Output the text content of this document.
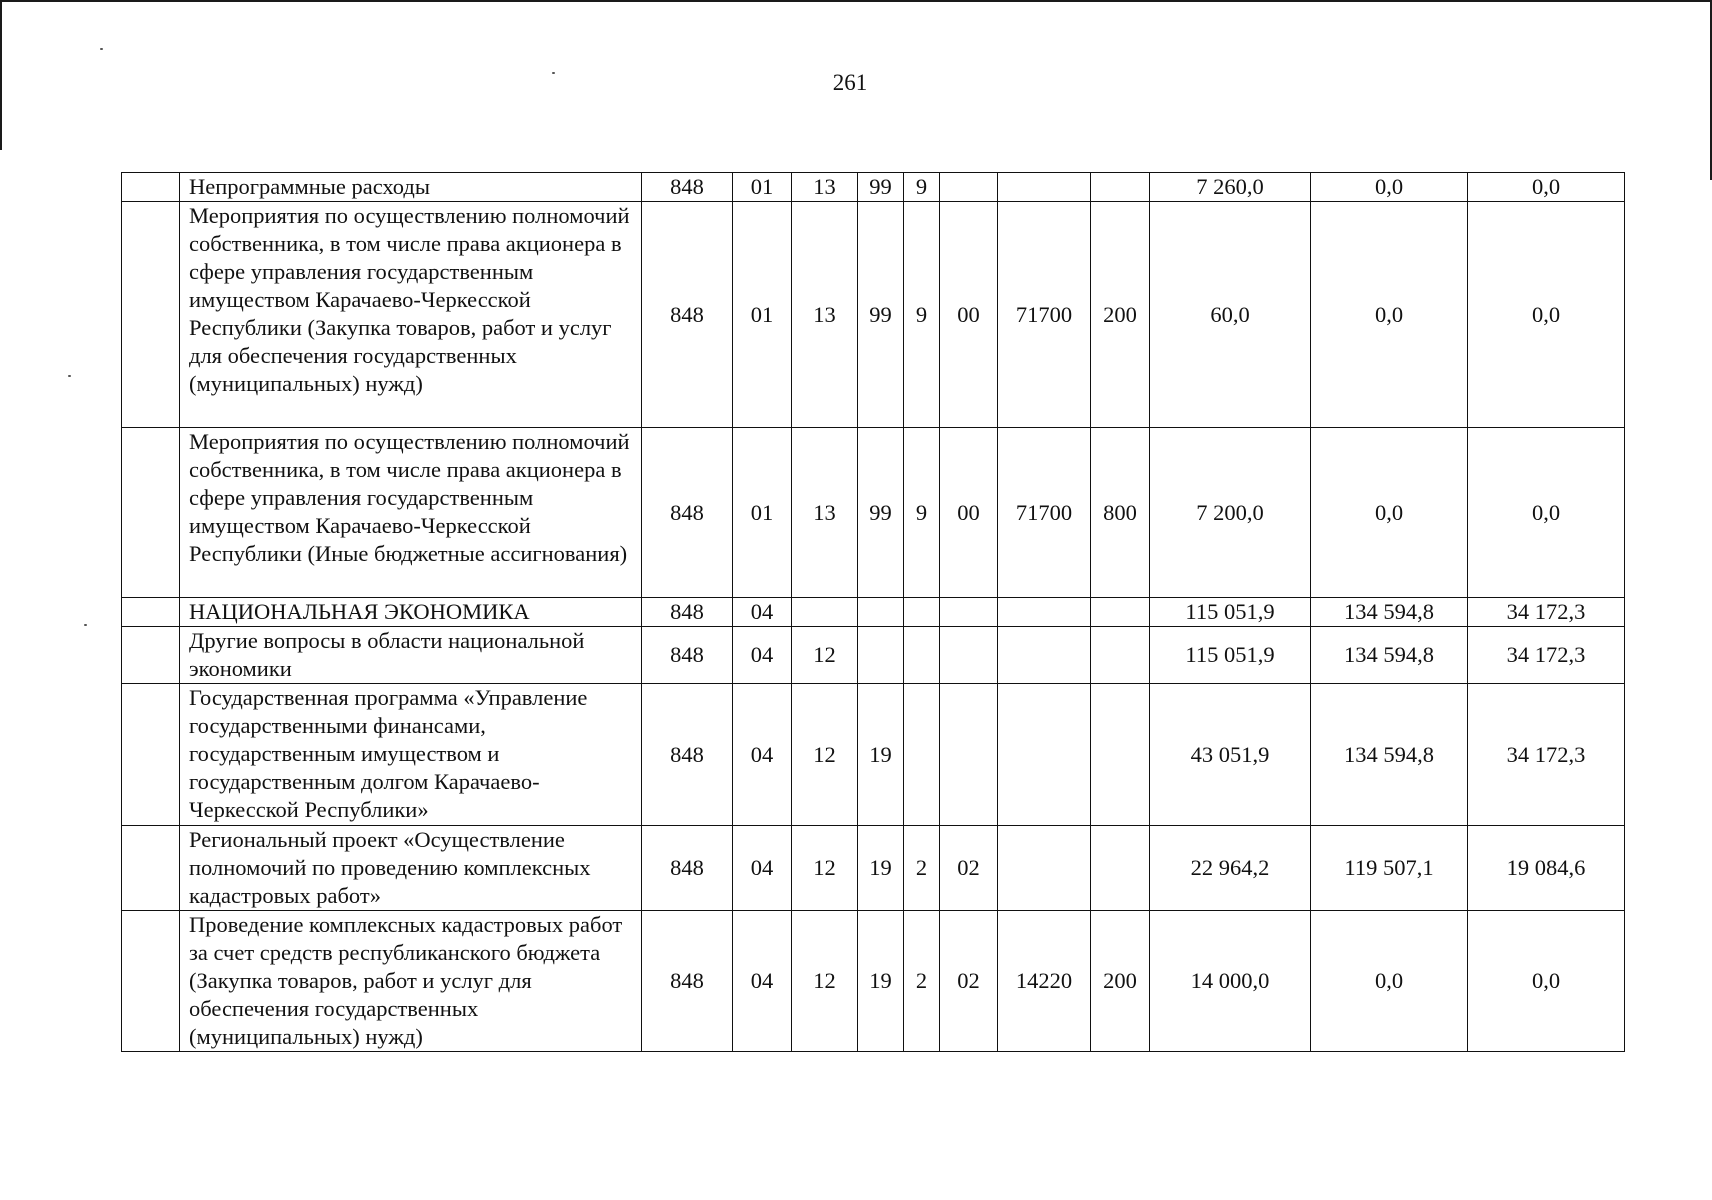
261
	Непрограммные расходы	848	01	13	99	9				7 260,0	0,0	0,0
	Мероприятия по осуществлению полномочий собственника, в том числе права акционера в сфере управления государственным имуществом Карачаево-Черкесской Республики (Закупка товаров, работ и услуг для обеспечения государственных (муниципальных) нужд)	848	01	13	99	9	00	71700	200	60,0	0,0	0,0
	Мероприятия по осуществлению полномочий собственника, в том числе права акционера в сфере управления государственным имуществом Карачаево-Черкесской Республики (Иные бюджетные ассигнования)	848	01	13	99	9	00	71700	800	7 200,0	0,0	0,0
	НАЦИОНАЛЬНАЯ ЭКОНОМИКА	848	04							115 051,9	134 594,8	34 172,3
	Другие вопросы в области национальной экономики	848	04	12						115 051,9	134 594,8	34 172,3
	Государственная программа «Управление государственными финансами, государственным имуществом и государственным долгом Карачаево-Черкесской Республики»	848	04	12	19					43 051,9	134 594,8	34 172,3
	Региональный проект «Осуществление полномочий по проведению комплексных кадастровых работ»	848	04	12	19	2	02			22 964,2	119 507,1	19 084,6
	Проведение комплексных кадастровых работ за счет средств республиканского бюджета (Закупка товаров, работ и услуг для обеспечения государственных (муниципальных) нужд)	848	04	12	19	2	02	14220	200	14 000,0	0,0	0,0
